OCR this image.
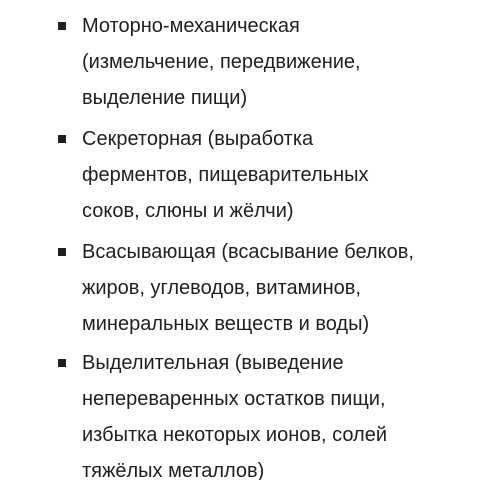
Моторно-механическая
(измельчение, передвижение,
выделение пищи)
Секреторная (выработка
ферментов, пищеварительных
соков, слюны и жёлчи)
Всасывающая (всасывание белков,
жиров, углеводов, витаминов,
минеральных веществ и воды)
Выделительная (выведение
непереваренных остатков пищи,
избытка некоторых ионов, солей
тяжёлых металлов)
